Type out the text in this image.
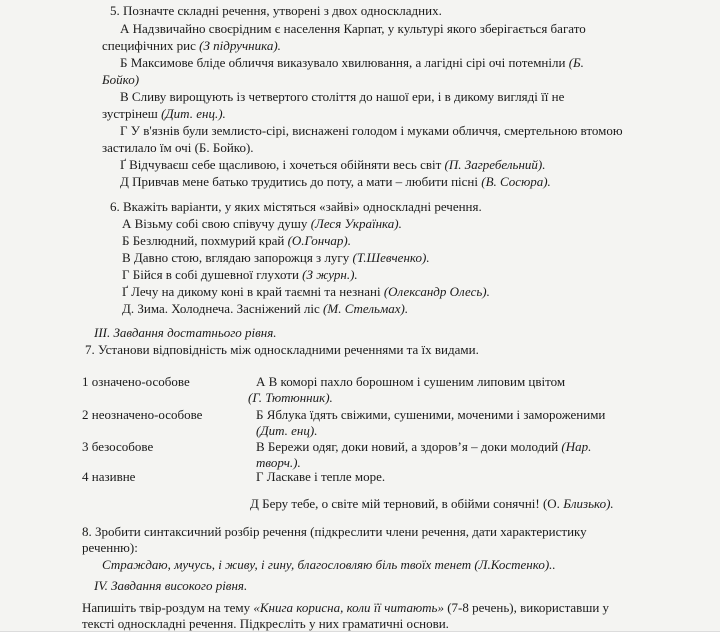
5. Позначте складні речення, утворені з двох односкладних.
А Надзвичайно своєрідним є населення Карпат, у культурі якого зберігається багато
специфічних рис (З підручника).
Б Максимове бліде обличчя виказувало хвилювання, а лагідні сірі очі потемніли (Б.
Бойко)
В Сливу вирощують із четвертого століття до нашої ери, і в дикому вигляді її не
зустрінеш (Дит. енц.).
Г У в'язнів були землисто-сірі, виснажені голодом і муками обличчя, смертельною втомою
застилало їм очі (Б. Бойко).
Ґ Відчуваєш себе щасливою, і хочеться обійняти весь світ (П. Загребельний).
Д Привчав мене батько трудитись до поту, а мати – любити пісні (В. Сосюра).
6. Вкажіть варіанти, у яких містяться «зайві» односкладні речення.
А Візьму собі свою співучу душу (Леся Українка).
Б Безлюдний, похмурий край (О.Гончар).
В Давно стою, вглядаю запорожця з лугу (Т.Шевченко).
Г Бійся в собі душевної глухоти (З журн.).
Ґ Лечу на дикому коні в край таємні та незнані (Олександр Олесь).
Д. Зима. Холоднеча. Засніжений ліс (М. Стельмах).
ІІІ. Завдання достатнього рівня.
7. Установи відповідність між односкладними реченнями та їх видами.
1 означено-особове
2 неозначено-особове
3 безособове
4 називне
А В коморі пахло борошном і сушеним липовим цвітом
(Г. Тютюнник).
Б Яблука їдять свіжими, сушеними, моченими і замороженими
(Дит. енц).
В Бережи одяг, доки новий, а здоров’я – доки молодий (Нар.
творч.).
Г Ласкаве і тепле море.
Д Беру тебе, о світе мій терновий, в обійми сонячні! (О. Близько).
8. Зробити синтаксичний розбір речення (підкреслити члени речення, дати характеристику
реченню):
Страждаю, мучусь, і живу, і гину, благословляю біль твоїх тенет (Л.Костенко)..
IV. Завдання високого рівня.
Напишіть твір-роздум на тему «Книга корисна, коли її читають» (7-8 речень), використавши у
тексті односкладні речення. Підкресліть у них граматичні основи.
